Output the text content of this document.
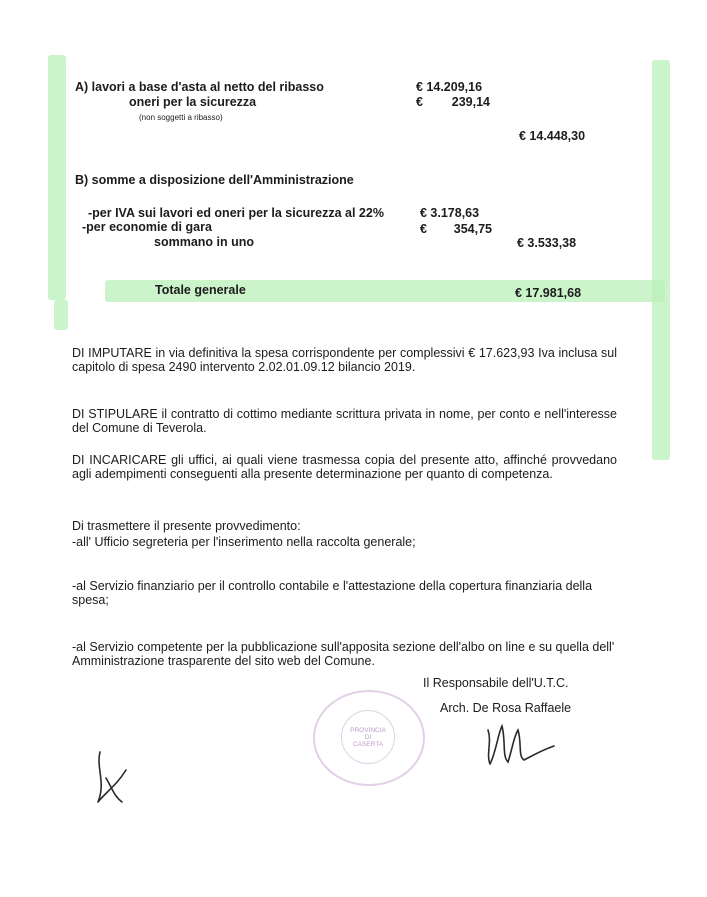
A) lavori a base d'asta al netto del ribasso	€ 14.209,16
oneri per la sicurezza	€	239,14
(non soggetti a ribasso)
€ 14.448,30
B) somme a disposizione dell'Amministrazione
-per IVA sui lavori ed oneri per la sicurezza al 22%	€ 3.178,63
-per economie di gara	€	354,75
sommano in uno	€ 3.533,38
Totale generale	€ 17.981,68
DI IMPUTARE in via definitiva la spesa corrispondente per complessivi € 17.623,93 Iva inclusa sul capitolo di spesa 2490 intervento 2.02.01.09.12 bilancio 2019.
DI STIPULARE il contratto di cottimo mediante scrittura privata in nome, per conto e nell'interesse del Comune di Teverola.
DI INCARICARE gli uffici, ai quali viene trasmessa copia del presente atto, affinché provvedano agli adempimenti conseguenti alla presente determinazione per quanto di competenza.
Di trasmettere il presente provvedimento:
-all' Ufficio segreteria per l'inserimento nella raccolta generale;
-al Servizio finanziario per il controllo contabile e l'attestazione della copertura finanziaria della spesa;
-al Servizio competente per la pubblicazione sull'apposita sezione dell'albo on line e su quella dell' Amministrazione trasparente del sito web del Comune.
Il Responsabile dell'U.T.C.
Arch. De Rosa Raffaele
PROVINCIA
DI
CASERTA
